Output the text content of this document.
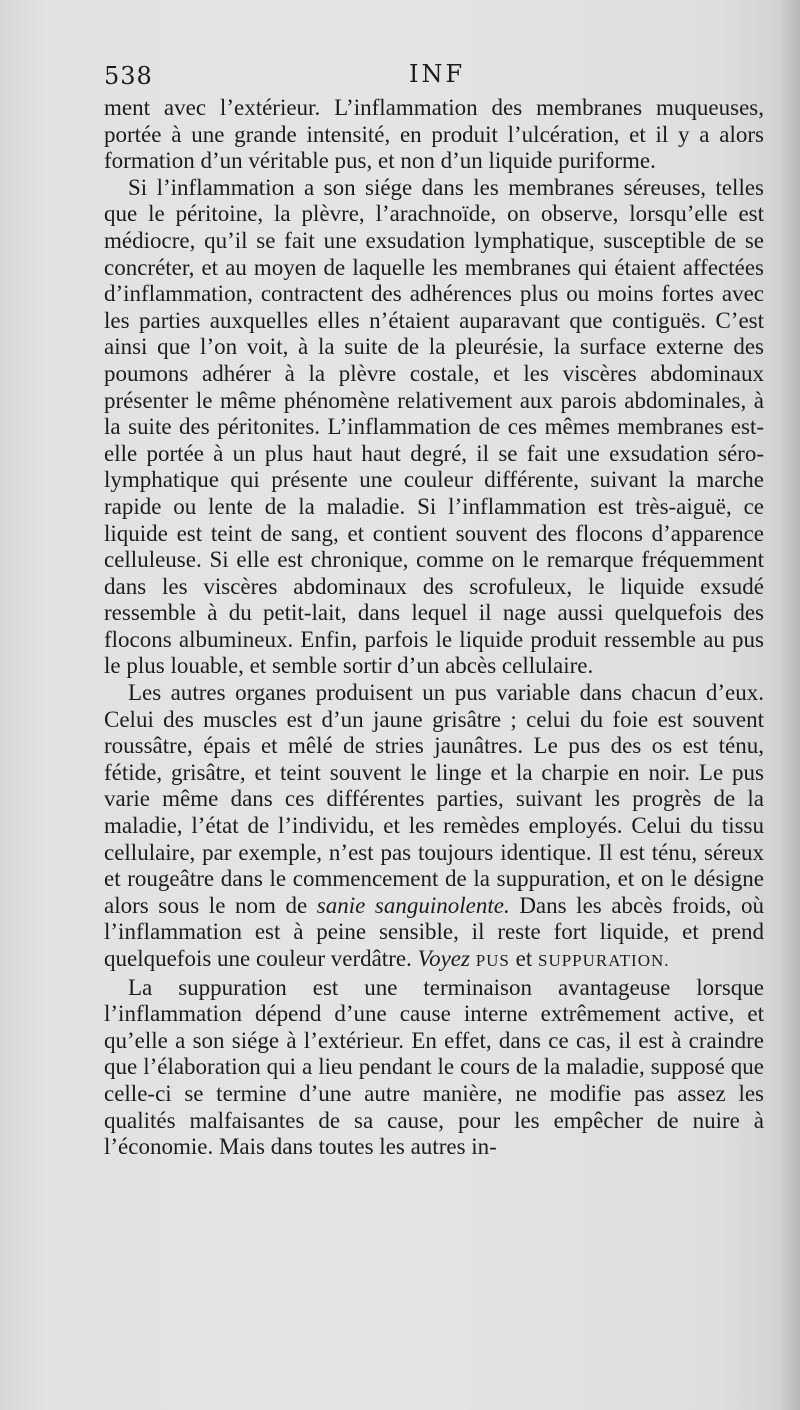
538	INF

ment avec l’extérieur. L’inflammation des membranes muqueuses, portée à une grande intensité, en produit l’ulcération, et il y a alors formation d’un véritable pus, et non d’un liquide puriforme.

Si l’inflammation a son siége dans les membranes séreuses, telles que le péritoine, la plèvre, l’arachnoïde, on observe, lorsqu’elle est médiocre, qu’il se fait une exsudation lymphatique, susceptible de se concréter, et au moyen de laquelle les membranes qui étaient affectées d’inflammation, contractent des adhérences plus ou moins fortes avec les parties auxquelles elles n’étaient auparavant que contiguës. C’est ainsi que l’on voit, à la suite de la pleurésie, la surface externe des poumons adhérer à la plèvre costale, et les viscères abdominaux présenter le même phénomène relativement aux parois abdominales, à la suite des péritonites. L’inflammation de ces mêmes membranes est-elle portée à un plus haut haut degré, il se fait une exsudation séro-lymphatique qui présente une couleur différente, suivant la marche rapide ou lente de la maladie. Si l’inflammation est très-aiguë, ce liquide est teint de sang, et contient souvent des flocons d’apparence celluleuse. Si elle est chronique, comme on le remarque fréquemment dans les viscères abdominaux des scrofuleux, le liquide exsudé ressemble à du petit-lait, dans lequel il nage aussi quelquefois des flocons albumineux. Enfin, parfois le liquide produit ressemble au pus le plus louable, et semble sortir d’un abcès cellulaire.

Les autres organes produisent un pus variable dans chacun d’eux. Celui des muscles est d’un jaune grisâtre ; celui du foie est souvent roussâtre, épais et mêlé de stries jaunâtres. Le pus des os est ténu, fétide, grisâtre, et teint souvent le linge et la charpie en noir. Le pus varie même dans ces différentes parties, suivant les progrès de la maladie, l’état de l’individu, et les remèdes employés. Celui du tissu cellulaire, par exemple, n’est pas toujours identique. Il est ténu, séreux et rougeâtre dans le commencement de la suppuration, et on le désigne alors sous le nom de sanie sanguinolente. Dans les abcès froids, où l’inflammation est à peine sensible, il reste fort liquide, et prend quelquefois une couleur verdâtre. Voyez PUS et SUPPURATION.

La suppuration est une terminaison avantageuse lorsque l’inflammation dépend d’une cause interne extrêmement active, et qu’elle a son siége à l’extérieur. En effet, dans ce cas, il est à craindre que l’élaboration qui a lieu pendant le cours de la maladie, supposé que celle-ci se termine d’une autre manière, ne modifie pas assez les qualités malfaisantes de sa cause, pour les empêcher de nuire à l’économie. Mais dans toutes les autres in-
